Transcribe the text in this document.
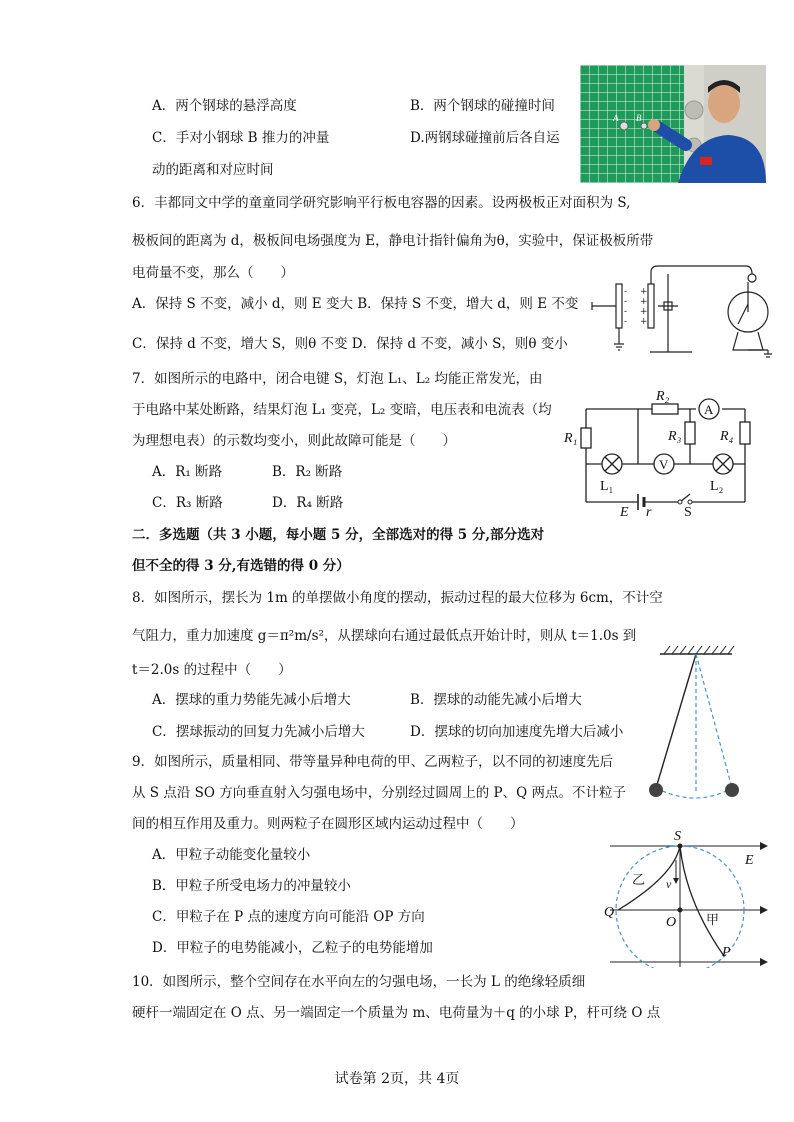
A．两个钢球的悬浮高度	B．两个钢球的碰撞时间
C．手对小钢球 B 推力的冲量	D.两钢球碰撞前后各自运
动的距离和对应时间
A B
6．丰都同文中学的童童同学研究影响平行板电容器的因素。设两极板正对面积为 S,
极板间的距离为 d，极板间电场强度为 E，静电计指针偏角为θ，实验中，保证极板所带
电荷量不变，那么（　　）
A．保持 S 不变，减小 d，则 E 变大 B．保持 S 不变，增大 d，则 E 不变
C．保持 d 不变，增大 S，则θ 不变 D．保持 d 不变，减小 S，则θ 变小
-
-
-
-
+
+
+
+
7．如图所示的电路中，闭合电键 S，灯泡 L₁、L₂ 均能正常发光，由
于电路中某处断路，结果灯泡 L₁ 变亮，L₂ 变暗，电压表和电流表（均
为理想电表）的示数均变小，则此故障可能是（　　）
A．R₁ 断路	B．R₂ 断路
C．R₃ 断路	D．R₄ 断路
R₁
R₂
R₃	R₄
A
V
L₁	L₂
E r S
二．多选题（共 3 小题，每小题 5 分，全部选对的得 5 分,部分选对
但不全的得 3 分,有选错的得 0 分）
8．如图所示，摆长为 1m 的单摆做小角度的摆动，振动过程的最大位移为 6cm，不计空
气阻力，重力加速度 g＝π²m/s²，从摆球向右通过最低点开始计时，则从 t＝1.0s 到
t＝2.0s 的过程中（　　）
A．摆球的重力势能先减小后增大	B．摆球的动能先减小后增大
C．摆球振动的回复力先减小后增大	D．摆球的切向加速度先增大后减小
9．如图所示，质量相同、带等量异种电荷的甲、乙两粒子，以不同的初速度先后
从 S 点沿 SO 方向垂直射入匀强电场中，分别经过圆周上的 P、Q 两点。不计粒子
间的相互作用及重力。则两粒子在圆形区域内运动过程中（　　）
A．甲粒子动能变化量较小
B．甲粒子所受电场力的冲量较小
C．甲粒子在 P 点的速度方向可能沿 OP 方向
D．甲粒子的电势能减小，乙粒子的电势能增加
S
E
乙 v
Q
O 甲
P
10．如图所示，整个空间存在水平向左的匀强电场，一长为 L 的绝缘轻质细
硬杆一端固定在 O 点、另一端固定一个质量为 m、电荷量为＋q 的小球 P，杆可绕 O 点
试卷第 2页，共 4页
